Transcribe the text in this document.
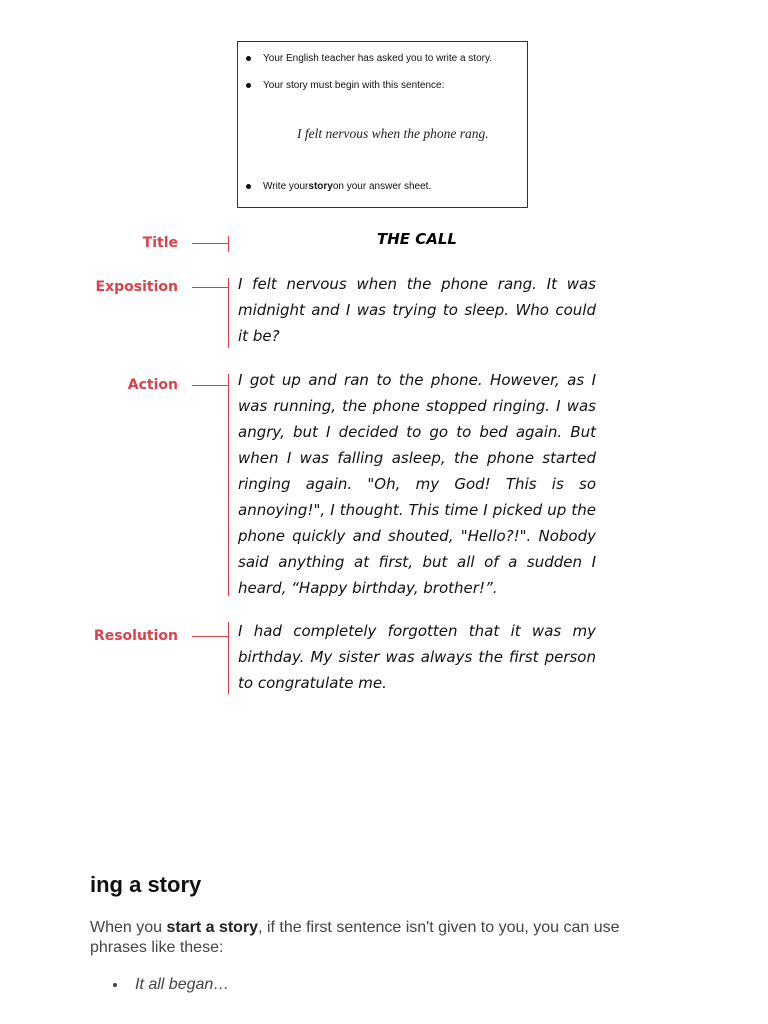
Your English teacher has asked you to write a story.
Your story must begin with this sentence:
I felt nervous when the phone rang.
Write your story on your answer sheet.
Title	THE CALL
Exposition	I felt nervous when the phone rang. It was midnight and I was trying to sleep. Who could it be?
Action	I got up and ran to the phone. However, as I was running, the phone stopped ringing. I was angry, but I decided to go to bed again. But when I was falling asleep, the phone started ringing again. "Oh, my God! This is so annoying!", I thought. This time I picked up the phone quickly and shouted, "Hello?!". Nobody said anything at first, but all of a sudden I heard, “Happy birthday, brother!”.
Resolution	I had completely forgotten that it was my birthday. My sister was always the first person to congratulate me.
ing a story
When you start a story, if the first sentence isn't given to you, you can use phrases like these:
It all began…
